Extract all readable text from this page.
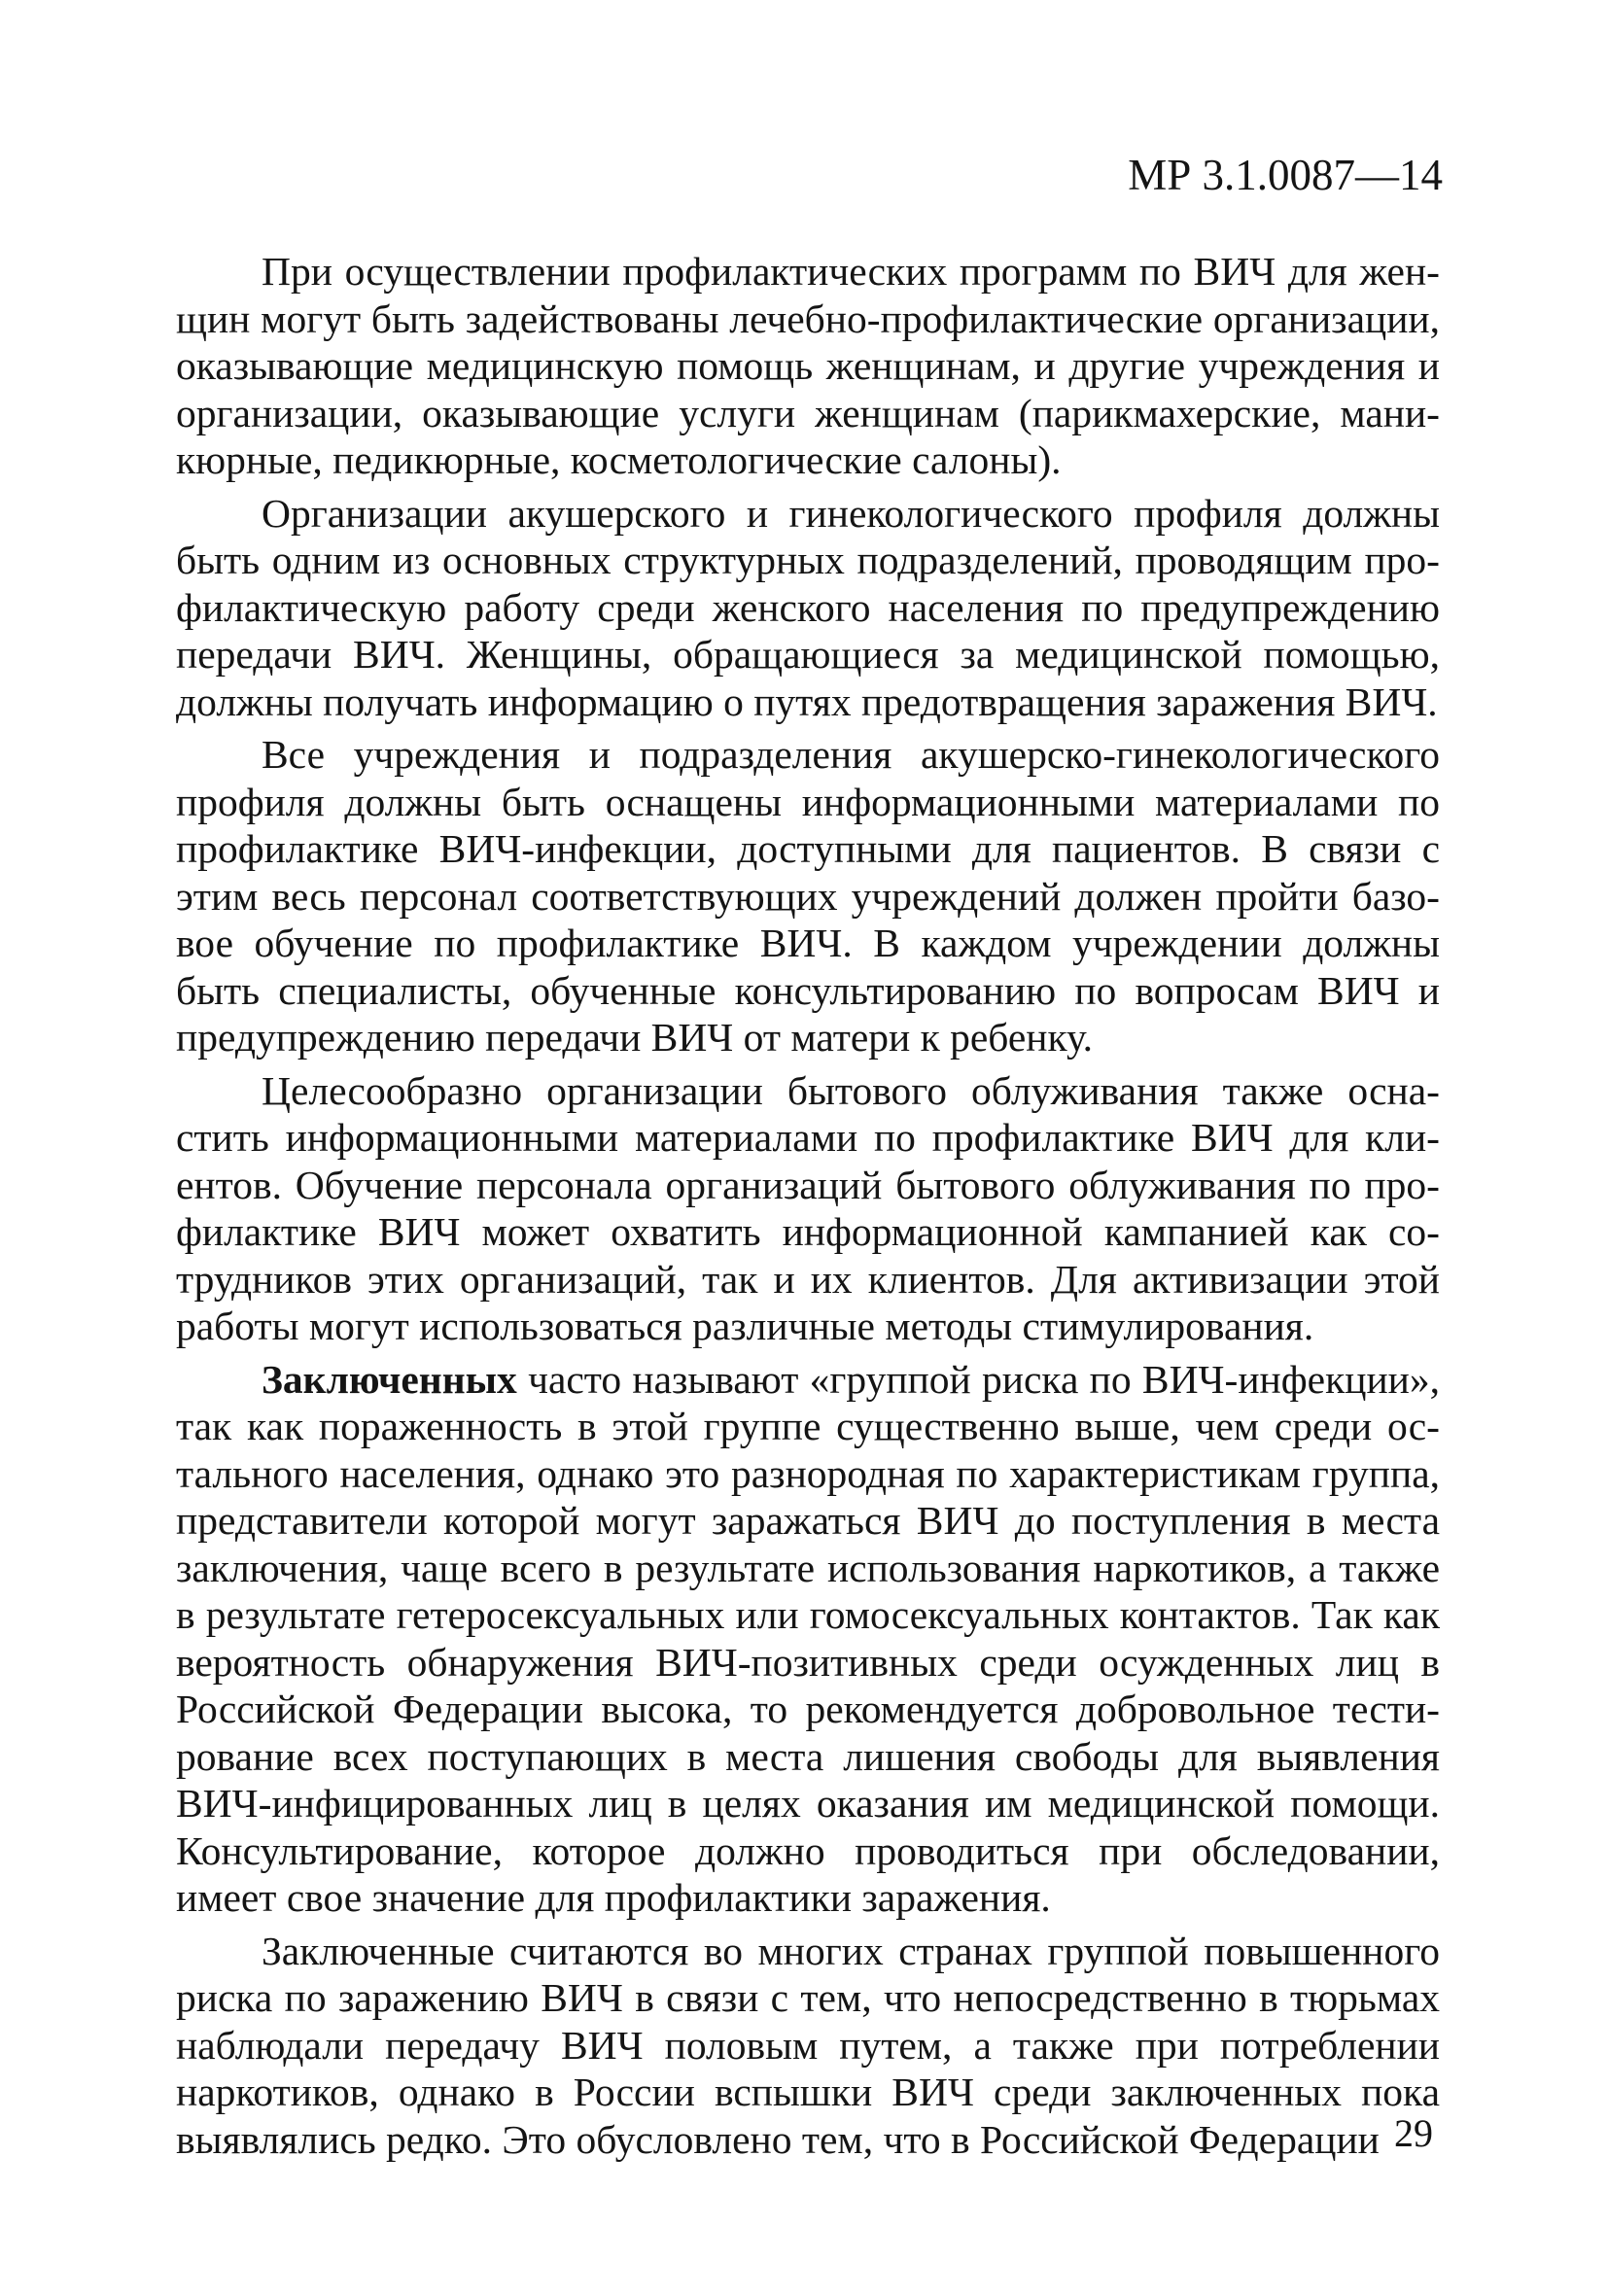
МР 3.1.0087—14

При осуществлении профилактических программ по ВИЧ для женщин могут быть задействованы лечебно-профилактические организации, оказывающие медицинскую помощь женщинам, и другие учреждения и организации, оказывающие услуги женщинам (парикмахерские, маникюрные, педикюрные, косметологические салоны).

Организации акушерского и гинекологического профиля должны быть одним из основных структурных подразделений, проводящим профилактическую работу среди женского населения по предупреждению передачи ВИЧ. Женщины, обращающиеся за медицинской помощью, должны получать информацию о путях предотвращения заражения ВИЧ.

Все учреждения и подразделения акушерско-гинекологического профиля должны быть оснащены информационными материалами по профилактике ВИЧ-инфекции, доступными для пациентов. В связи с этим весь персонал соответствующих учреждений должен пройти базовое обучение по профилактике ВИЧ. В каждом учреждении должны быть специалисты, обученные консультированию по вопросам ВИЧ и предупреждению передачи ВИЧ от матери к ребенку.

Целесообразно организации бытового облуживания также оснастить информационными материалами по профилактике ВИЧ для клиентов. Обучение персонала организаций бытового облуживания по профилактике ВИЧ может охватить информационной кампанией как сотрудников этих организаций, так и их клиентов. Для активизации этой работы могут использоваться различные методы стимулирования.

Заключенных часто называют «группой риска по ВИЧ-инфекции», так как пораженность в этой группе существенно выше, чем среди остального населения, однако это разнородная по характеристикам группа, представители которой могут заражаться ВИЧ до поступления в места заключения, чаще всего в результате использования наркотиков, а также в результате гетеросексуальных или гомосексуальных контактов. Так как вероятность обнаружения ВИЧ-позитивных среди осужденных лиц в Российской Федерации высока, то рекомендуется добровольное тестирование всех поступающих в места лишения свободы для выявления ВИЧ-инфицированных лиц в целях оказания им медицинской помощи. Консультирование, которое должно проводиться при обследовании, имеет свое значение для профилактики заражения.

Заключенные считаются во многих странах группой повышенного риска по заражению ВИЧ в связи с тем, что непосредственно в тюрьмах наблюдали передачу ВИЧ половым путем, а также при потреблении наркотиков, однако в России вспышки ВИЧ среди заключенных пока выявлялись редко. Это обусловлено тем, что в Российской Федерации 29
